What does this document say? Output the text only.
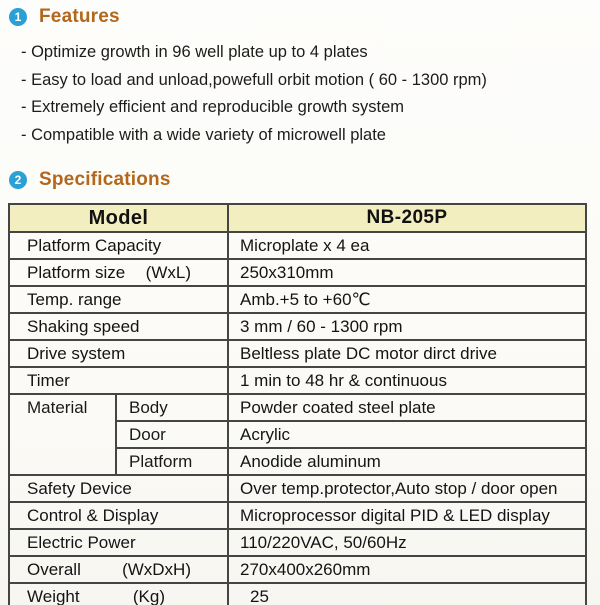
1 Features
- Optimize growth in 96 well plate up to 4 plates
- Easy to load and unload,powefull orbit motion ( 60 - 1300 rpm)
- Extremely efficient and reproducible growth system
- Compatible with a wide variety of microwell plate
2 Specifications
Model		NB-205P
Platform Capacity		Microplate x 4 ea

Platform size (WxL)		250x310mm
Temp. range		Amb.+5 to +60℃
Shaking speed		3 mm / 60 - 1300 rpm
Drive system		Beltless plate DC motor dirct drive
Timer		1 min to 48 hr & continuous
Material	Body	Powder coated steel plate
	Door	Acrylic
	Platform	Anodide aluminum
Safety Device		Over temp.protector,Auto stop / door open
Control & Display		Microprocessor digital PID & LED display
Electric Power		110/220VAC, 50/60Hz

Overall (WxDxH)		270x400x260mm

Weight (Kg)		25
